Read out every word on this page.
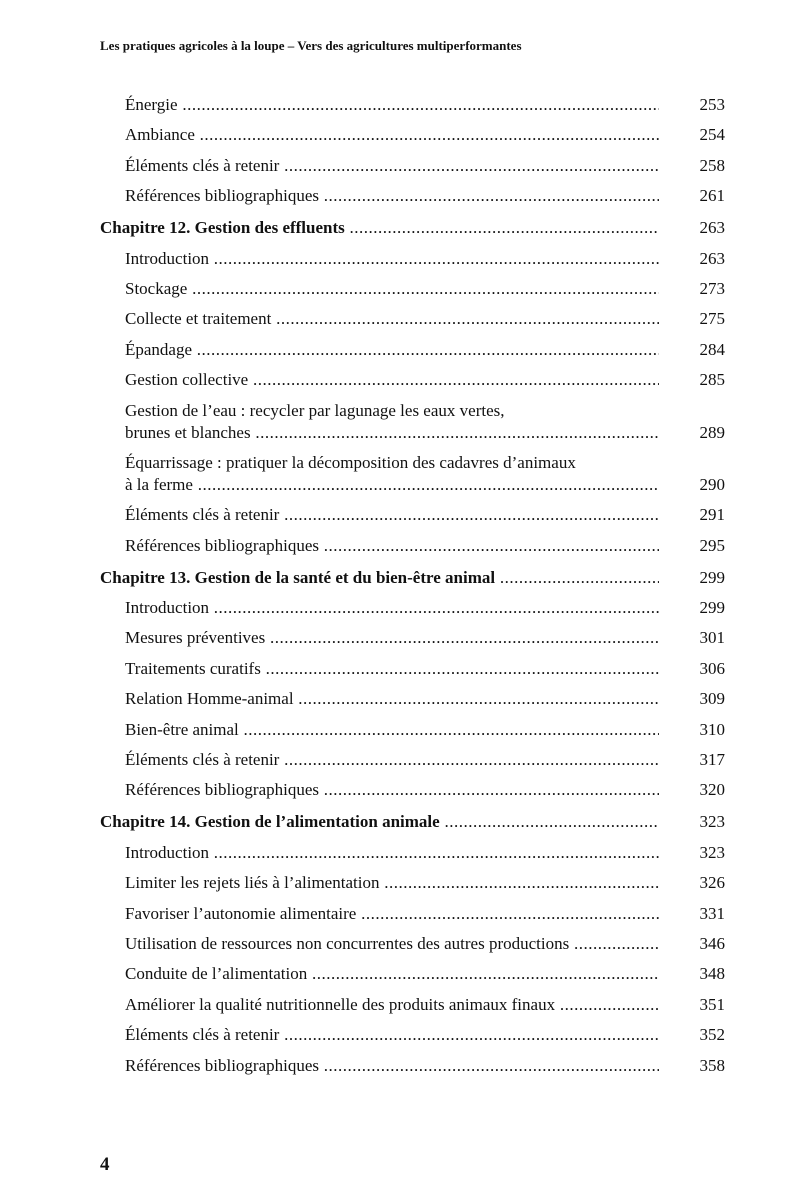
Les pratiques agricoles à la loupe – Vers des agricultures multiperformantes
Énergie .....	253
Ambiance .....	254
Éléments clés à retenir .....	258
Références bibliographiques .....	261
Chapitre 12. Gestion des effluents .....	263
Introduction .....	263
Stockage .....	273
Collecte et traitement .....	275
Épandage .....	284
Gestion collective .....	285
Gestion de l’eau : recycler par lagunage les eaux vertes,
brunes et blanches .....	289
Équarrissage : pratiquer la décomposition des cadavres d’animaux
à la ferme .....	290
Éléments clés à retenir .....	291
Références bibliographiques .....	295
Chapitre 13. Gestion de la santé et du bien-être animal .....	299
Introduction .....	299
Mesures préventives .....	301
Traitements curatifs .....	306
Relation Homme-animal .....	309
Bien-être animal .....	310
Éléments clés à retenir .....	317
Références bibliographiques .....	320
Chapitre 14. Gestion de l’alimentation animale .....	323
Introduction .....	323
Limiter les rejets liés à l’alimentation .....	326
Favoriser l’autonomie alimentaire .....	331
Utilisation de ressources non concurrentes des autres productions .....	346
Conduite de l’alimentation .....	348
Améliorer la qualité nutritionnelle des produits animaux finaux .....	351
Éléments clés à retenir .....	352
Références bibliographiques .....	358
4
